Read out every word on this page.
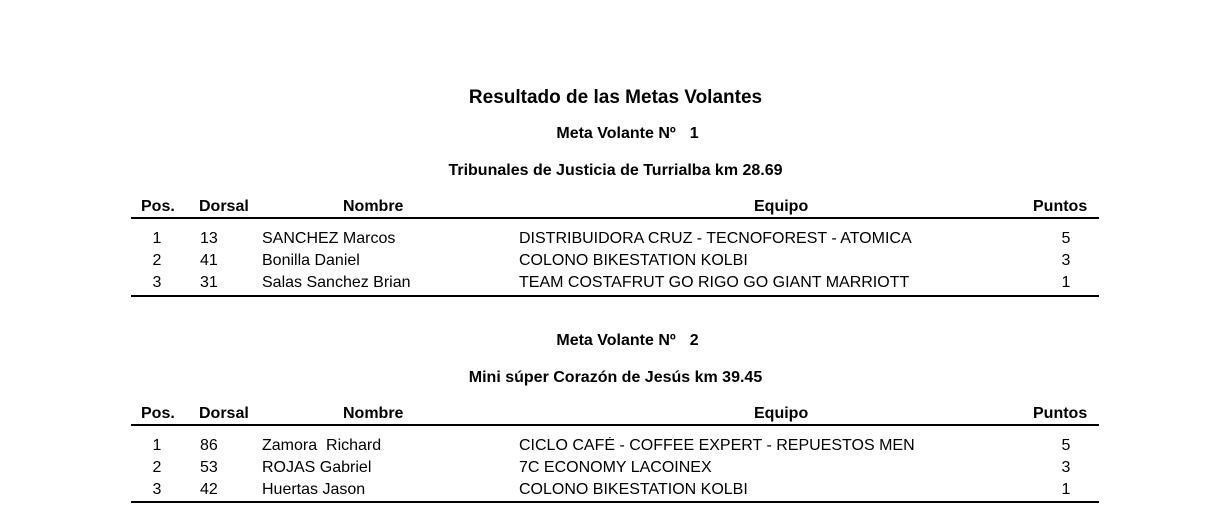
Resultado de las Metas Volantes
Meta Volante Nº 1
Tribunales de Justicia de Turrialba km 28.69
Pos. Dorsal	Nombre	Equipo	Puntos
1	13	SANCHEZ Marcos	DISTRIBUIDORA CRUZ - TECNOFOREST - ATOMICA	5
2	41	Bonilla Daniel	COLONO BIKESTATION KOLBI	3
3	31	Salas Sanchez Brian	TEAM COSTAFRUT GO RIGO GO GIANT MARRIOTT	1
Meta Volante Nº 2
Mini súper Corazón de Jesús km 39.45
Pos. Dorsal	Nombre	Equipo	Puntos
1	86	Zamora  Richard	CICLO CAFÉ - COFFEE EXPERT - REPUESTOS MEN	5
2	53	ROJAS Gabriel	7C ECONOMY LACOINEX	3
3	42	Huertas Jason	COLONO BIKESTATION KOLBI	1
